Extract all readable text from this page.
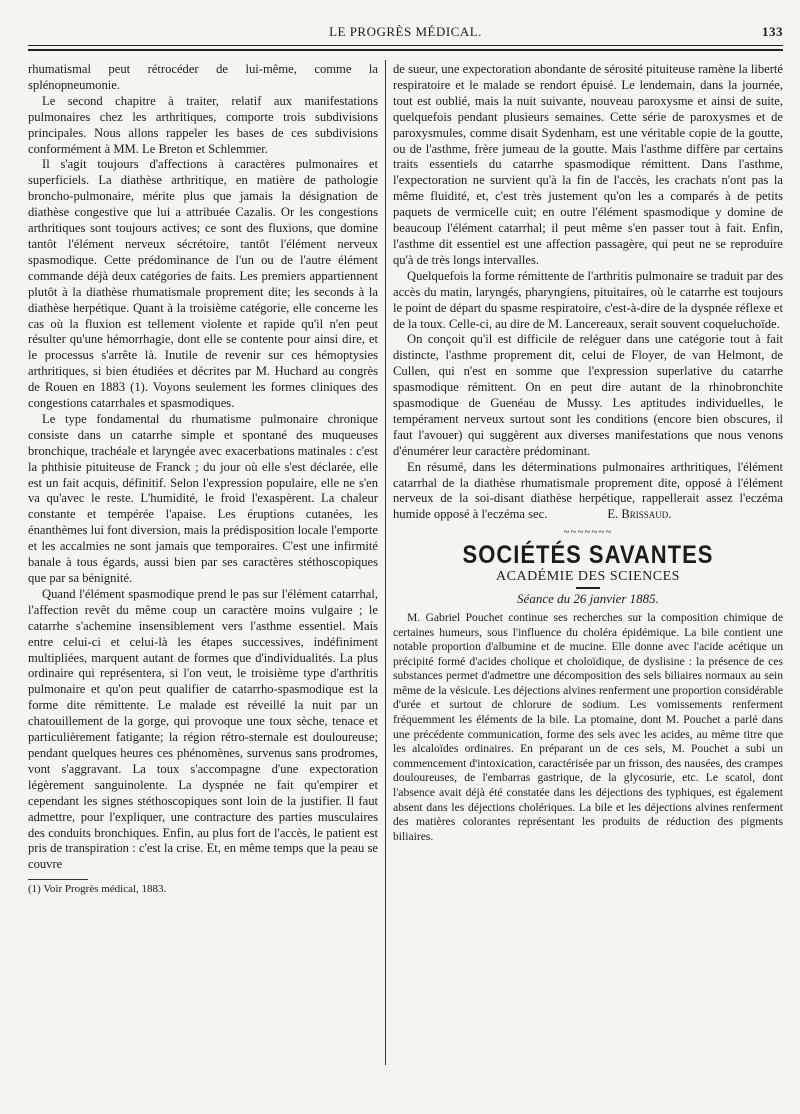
LE PROGRÈS MÉDICAL.	133

rhumatismal peut rétrocéder de lui-même, comme la splénopneumonie.

Le second chapitre à traiter, relatif aux manifestations pulmonaires chez les arthritiques, comporte trois subdivisions principales. Nous allons rappeler les bases de ces subdivisions conformément à MM. Le Breton et Schlemmer.

Il s'agit toujours d'affections à caractères pulmonaires et superficiels. La diathèse arthritique, en matière de pathologie broncho-pulmonaire, mérite plus que jamais la désignation de diathèse congestive que lui a attribuée Cazalis. Or les congestions arthritiques sont toujours actives; ce sont des fluxions, que domine tantôt l'élément nerveux sécrétoire, tantôt l'élément nerveux spasmodique. Cette prédominance de l'un ou de l'autre élément commande déjà deux catégories de faits. Les premiers appartiennent plutôt à la diathèse rhumatismale proprement dite; les seconds à la diathèse herpétique. Quant à la troisième catégorie, elle concerne les cas où la fluxion est tellement violente et rapide qu'il n'en peut résulter qu'une hémorrhagie, dont elle se contente pour ainsi dire, et le processus s'arrête là. Inutile de revenir sur ces hémoptysies arthritiques, si bien étudiées et décrites par M. Huchard au congrès de Rouen en 1883 (1). Voyons seulement les formes cliniques des congestions catarrhales et spasmodiques.

Le type fondamental du rhumatisme pulmonaire chronique consiste dans un catarrhe simple et spontané des muqueuses bronchique, trachéale et laryngée avec exacerbations matinales : c'est la phthisie pituiteuse de Franck ; du jour où elle s'est déclarée, elle est un fait acquis, définitif. Selon l'expression populaire, elle ne s'en va qu'avec le reste. L'humidité, le froid l'exaspèrent. La chaleur constante et tempérée l'apaise. Les éruptions cutanées, les énanthèmes lui font diversion, mais la prédisposition locale l'emporte et les accalmies ne sont jamais que temporaires. C'est une infirmité banale à tous égards, aussi bien par ses caractères stéthoscopiques que par sa bénignité.

Quand l'élément spasmodique prend le pas sur l'élément catarrhal, l'affection revêt du même coup un caractère moins vulgaire ; le catarrhe s'achemine insensiblement vers l'asthme essentiel. Mais entre celui-ci et celui-là les étapes successives, indéfiniment multipliées, marquent autant de formes que d'individualités. La plus ordinaire qui représentera, si l'on veut, le troisième type d'arthritis pulmonaire et qu'on peut qualifier de catarrho-spasmodique est la forme dite rémittente. Le malade est réveillé la nuit par un chatouillement de la gorge, qui provoque une toux sèche, tenace et particulièrement fatigante; la région rétro-sternale est douloureuse; pendant quelques heures ces phénomènes, survenus sans prodromes, vont s'aggravant. La toux s'accompagne d'une expectoration légèrement sanguinolente. La dyspnée ne fait qu'empirer et cependant les signes stéthoscopiques sont loin de la justifier. Il faut admettre, pour l'expliquer, une contracture des parties musculaires des conduits bronchiques. Enfin, au plus fort de l'accès, le patient est pris de transpiration : c'est la crise. Et, en même temps que la peau se couvre

(1) Voir Progrès médical, 1883.

de sueur, une expectoration abondante de sérosité pituiteuse ramène la liberté respiratoire et le malade se rendort épuisé. Le lendemain, dans la journée, tout est oublié, mais la nuit suivante, nouveau paroxysme et ainsi de suite, quelquefois pendant plusieurs semaines. Cette série de paroxysmes et de paroxysmules, comme disait Sydenham, est une véritable copie de la goutte, ou de l'asthme, frère jumeau de la goutte. Mais l'asthme diffère par certains traits essentiels du catarrhe spasmodique rémittent. Dans l'asthme, l'expectoration ne survient qu'à la fin de l'accès, les crachats n'ont pas la même fluidité, et, c'est très justement qu'on les a comparés à de petits paquets de vermicelle cuit; en outre l'élément spasmodique y domine de beaucoup l'élément catarrhal; il peut même s'en passer tout à fait. Enfin, l'asthme dit essentiel est une affection passagère, qui peut ne se reproduire qu'à de très longs intervalles.

Quelquefois la forme rémittente de l'arthritis pulmonaire se traduit par des accès du matin, laryngés, pharyngiens, pituitaires, où le catarrhe est toujours le point de départ du spasme respiratoire, c'est-à-dire de la dyspnée réflexe et de la toux. Celle-ci, au dire de M. Lancereaux, serait souvent coqueluchoïde.

On conçoit qu'il est difficile de reléguer dans une catégorie tout à fait distincte, l'asthme proprement dit, celui de Floyer, de van Helmont, de Cullen, qui n'est en somme que l'expression superlative du catarrhe spasmodique rémittent. On en peut dire autant de la rhinobronchite spasmodique de Guenéau de Mussy. Les aptitudes individuelles, le tempérament nerveux surtout sont les conditions (encore bien obscures, il faut l'avouer) qui suggèrent aux diverses manifestations que nous venons d'énumérer leur caractère prédominant.

En résumé, dans les déterminations pulmonaires arthritiques, l'élément catarrhal de la diathèse rhumatismale proprement dite, opposé à l'élément nerveux de la soi-disant diathèse herpétique, rappellerait assez l'eczéma humide opposé à l'eczéma sec.	E. Brissaud.

~~~~~~~
SOCIÉTÉS SAVANTES
ACADÉMIE DES SCIENCES
Séance du 26 janvier 1885.

M. Gabriel Pouchet continue ses recherches sur la composition chimique de certaines humeurs, sous l'influence du choléra épidémique. La bile contient une notable proportion d'albumine et de mucine. Elle donne avec l'acide acétique un précipité formé d'acides cholique et choloïdique, de dyslisine : la présence de ces substances permet d'admettre une décomposition des sels biliaires normaux au sein même de la vésicule. Les déjections alvines renferment une proportion considérable d'urée et surtout de chlorure de sodium. Les vomissements renferment fréquemment les éléments de la bile. La ptomaine, dont M. Pouchet a parlé dans une précédente communication, forme des sels avec les acides, au même titre que les alcaloïdes ordinaires. En préparant un de ces sels, M. Pouchet a subi un commencement d'intoxication, caractérisée par un frisson, des nausées, des crampes douloureuses, de l'embarras gastrique, de la glycosurie, etc. Le scatol, dont l'absence avait déjà été constatée dans les déjections des typhiques, est également absent dans les déjections cholériques. La bile et les déjections alvines renferment des matières colorantes représentant les produits de réduction des pigments biliaires.
